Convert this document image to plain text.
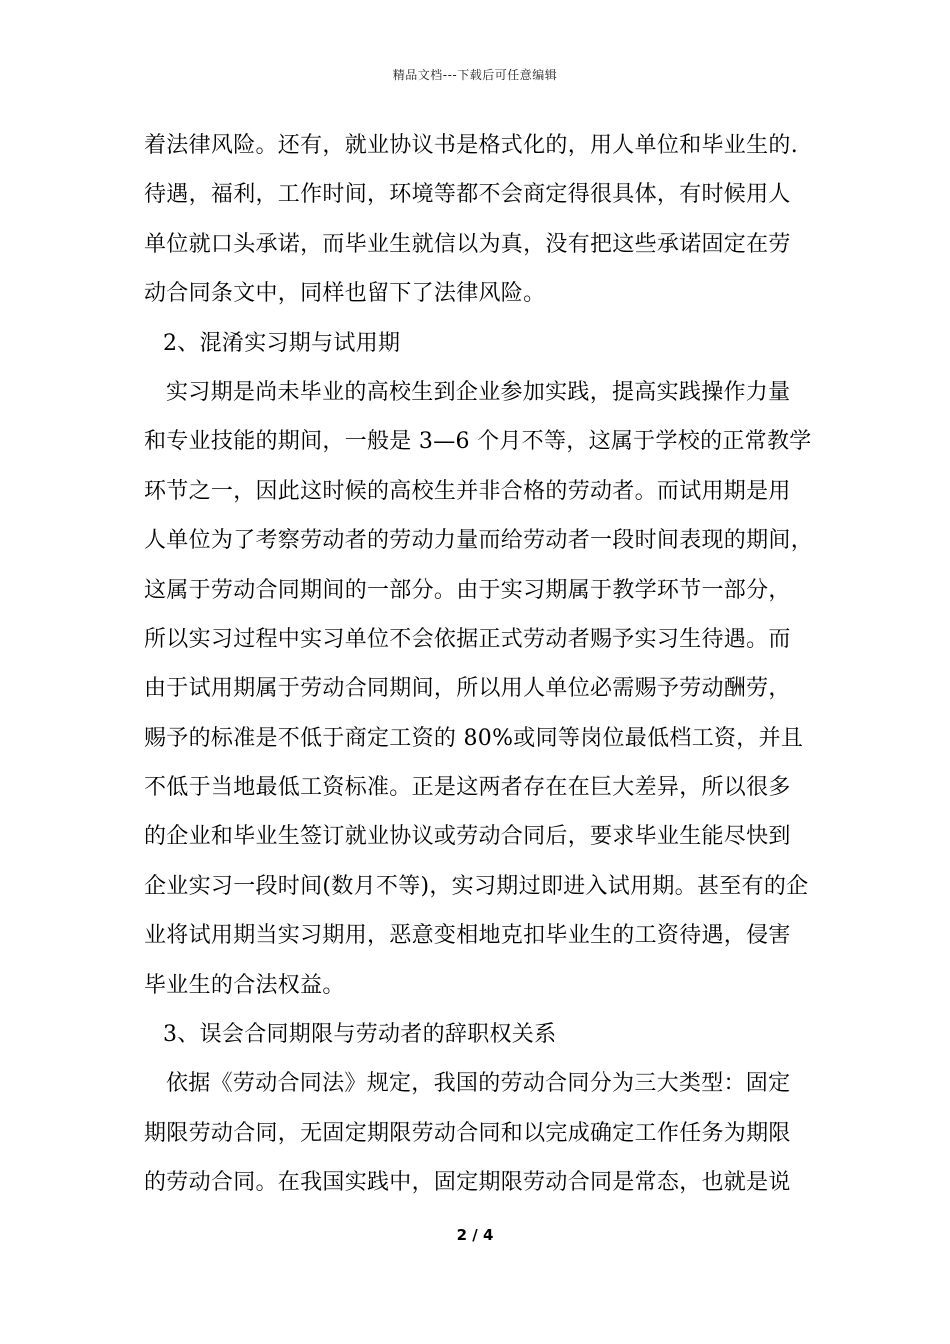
精品文档---下载后可任意编辑
着法律风险。还有，就业协议书是格式化的，用人单位和毕业生的.
待遇，福利，工作时间，环境等都不会商定得很具体，有时候用人
单位就口头承诺，而毕业生就信以为真，没有把这些承诺固定在劳
动合同条文中，同样也留下了法律风险。
2、混淆实习期与试用期
实习期是尚未毕业的高校生到企业参加实践，提高实践操作力量
和专业技能的期间，一般是 3—6 个月不等，这属于学校的正常教学
环节之一，因此这时候的高校生并非合格的劳动者。而试用期是用
人单位为了考察劳动者的劳动力量而给劳动者一段时间表现的期间，
这属于劳动合同期间的一部分。由于实习期属于教学环节一部分，
所以实习过程中实习单位不会依据正式劳动者赐予实习生待遇。而
由于试用期属于劳动合同期间，所以用人单位必需赐予劳动酬劳，
赐予的标准是不低于商定工资的 80%或同等岗位最低档工资，并且
不低于当地最低工资标准。正是这两者存在在巨大差异，所以很多
的企业和毕业生签订就业协议或劳动合同后，要求毕业生能尽快到
企业实习一段时间(数月不等)，实习期过即进入试用期。甚至有的企
业将试用期当实习期用，恶意变相地克扣毕业生的工资待遇，侵害
毕业生的合法权益。
3、误会合同期限与劳动者的辞职权关系
依据《劳动合同法》规定，我国的劳动合同分为三大类型：固定
期限劳动合同，无固定期限劳动合同和以完成确定工作任务为期限
的劳动合同。在我国实践中，固定期限劳动合同是常态，也就是说
2 / 4
